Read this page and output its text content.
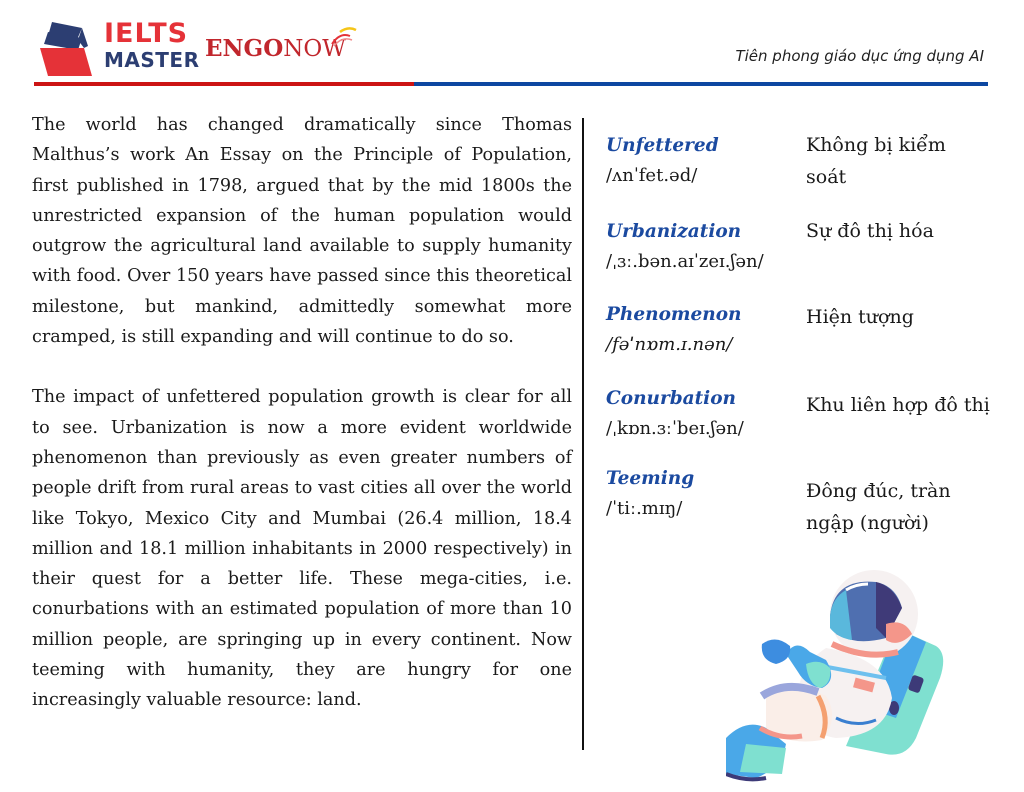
IELTS
MASTER ENGONOW	Tiên phong giáo dục ứng dụng AI

The world has changed dramatically since Thomas Malthus’s work An Essay on the Principle of Population, first published in 1798, argued that by the mid 1800s the unrestricted expansion of the human population would outgrow the agricultural land available to supply humanity with food. Over 150 years have passed since this theoretical milestone, but mankind, admittedly somewhat more cramped, is still expanding and will continue to do so.

The impact of unfettered population growth is clear for all to see. Urbanization is now a more evident worldwide phenomenon than previously as even greater numbers of people drift from rural areas to vast cities all over the world like Tokyo, Mexico City and Mumbai (26.4 million, 18.4 million and 18.1 million inhabitants in 2000 respectively) in their quest for a better life. These mega-cities, i.e. conurbations with an estimated population of more than 10 million people, are springing up in every continent. Now teeming with humanity, they are hungry for one increasingly valuable resource: land.

Unfettered
/ʌnˈfet.əd/
Không bị kiểm soát
Urbanization
/ˌɜː.bən.aɪˈzeɪ.ʃən/
Sự đô thị hóa
Phenomenon
/fəˈnɒm.ɪ.nən/
Hiện tượng
Conurbation
/ˌkɒn.ɜːˈbeɪ.ʃən/
Khu liên hợp đô thị
Teeming
/ˈtiː.mɪŋ/
Đông đúc, tràn ngập (người)
